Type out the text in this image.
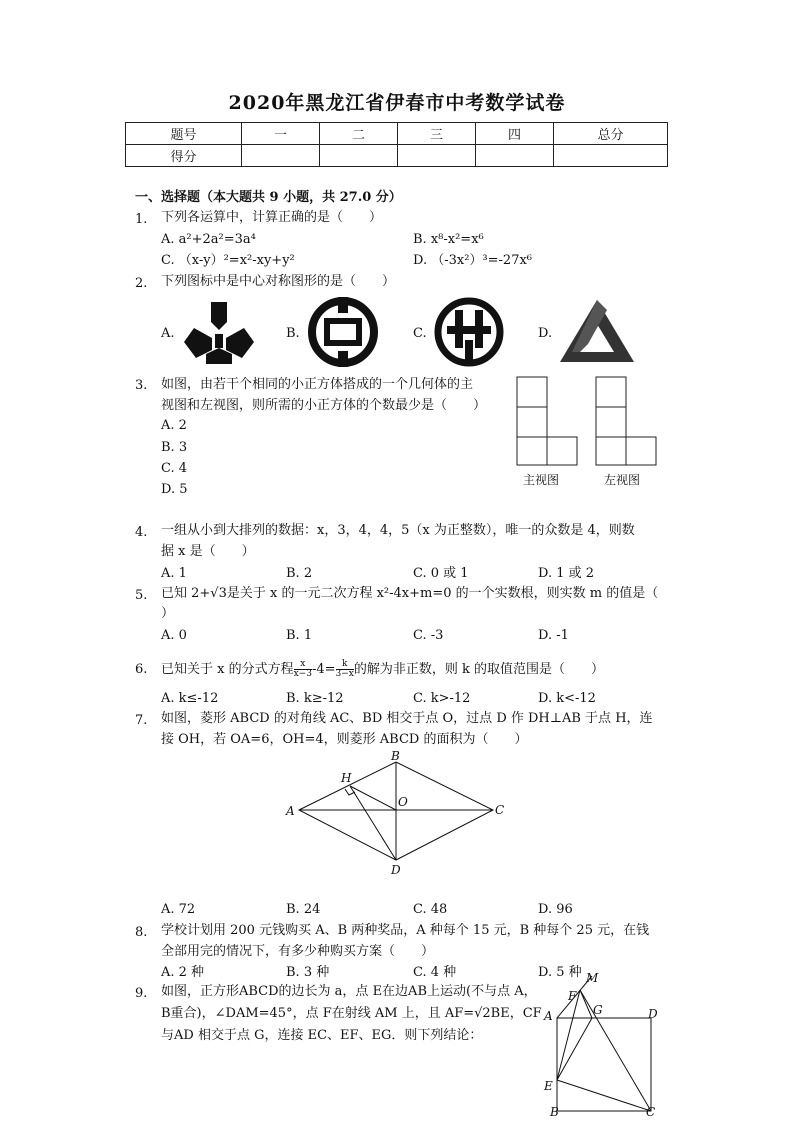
2020年黑龙江省伊春市中考数学试卷
题号	一	二	三	四	总分
得分					
一、选择题（本大题共 9 小题，共 27.0 分）
1. 下列各运算中，计算正确的是（　　）
A. a²+2a²=3a⁴	B. x⁸-x²=x⁶
C. （x-y）²=x²-xy+y²	D. （-3x²）³=-27x⁶
2. 下列图标中是中心对称图形的是（　　）
A.	B.	C.	D.
3. 如图，由若干个相同的小正方体搭成的一个几何体的主
视图和左视图，则所需的小正方体的个数最少是（　　）
A. 2
B. 3
C. 4
D. 5
主视图	左视图
4. 一组从小到大排列的数据：x，3，4，4，5（x 为正整数），唯一的众数是 4，则数
据 x 是（　　）
A. 1	B. 2	C. 0 或 1	D. 1 或 2
5. 已知 2+√3是关于 x 的一元二次方程 x²-4x+m=0 的一个实数根，则实数 m 的值是（
）
A. 0	B. 1	C. -3	D. -1
6. 已知关于 x 的分式方程 $\frac{x}{x-3} -4= \frac{k}{3-x}$ 的解为非正数，则 k 的取值范围是（　　）
A. k≤-12	B. k≥-12	C. k>-12	D. k<-12
7. 如图，菱形 ABCD 的对角线 AC、BD 相交于点 O，过点 D 作 DH⊥AB 于点 H，连
接 OH，若 OA=6，OH=4，则菱形 ABCD 的面积为（　　）
A
B
C
D
H
O
A. 72	B. 24	C. 48	D. 96
8. 学校计划用 200 元钱购买 A、B 两种奖品，A 种每个 15 元，B 种每个 25 元，在钱
全部用完的情况下，有多少种购买方案（　　）
A. 2 种	B. 3 种	C. 4 种	D. 5 种
9. 如图，正方形ABCD的边长为 a，点 E在边AB上运动(不与点 A，
B重合)，∠DAM=45°，点 F在射线 AM 上，且 AF=√2BE，CF
与AD 相交于点 G，连接 EC、EF、EG．则下列结论：
A
B	C
D
E
F
G
M
